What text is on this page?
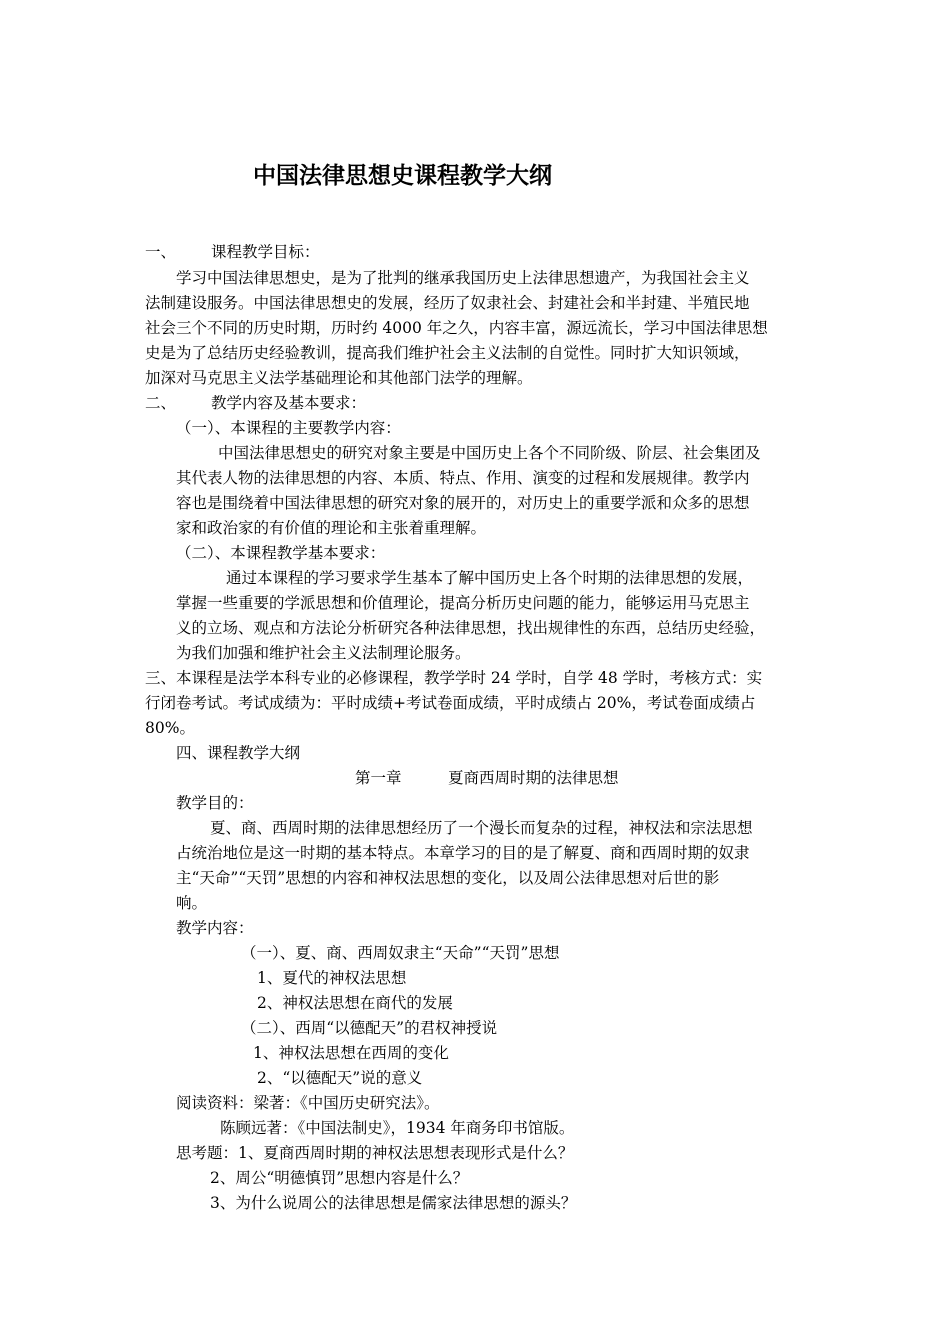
中国法律思想史课程教学大纲
一、 课程教学目标：
学习中国法律思想史，是为了批判的继承我国历史上法律思想遗产，为我国社会主义
法制建设服务。中国法律思想史的发展，经历了奴隶社会、封建社会和半封建、半殖民地
社会三个不同的历史时期，历时约 4000 年之久，内容丰富，源远流长，学习中国法律思想
史是为了总结历史经验教训，提高我们维护社会主义法制的自觉性。同时扩大知识领域，
加深对马克思主义法学基础理论和其他部门法学的理解。
二、 教学内容及基本要求：
（一）、本课程的主要教学内容：
中国法律思想史的研究对象主要是中国历史上各个不同阶级、阶层、社会集团及
其代表人物的法律思想的内容、本质、特点、作用、演变的过程和发展规律。教学内
容也是围绕着中国法律思想的研究对象的展开的，对历史上的重要学派和众多的思想
家和政治家的有价值的理论和主张着重理解。
（二）、本课程教学基本要求：
通过本课程的学习要求学生基本了解中国历史上各个时期的法律思想的发展，
掌握一些重要的学派思想和价值理论，提高分析历史问题的能力，能够运用马克思主
义的立场、观点和方法论分析研究各种法律思想，找出规律性的东西，总结历史经验，
为我们加强和维护社会主义法制理论服务。
三、本课程是法学本科专业的必修课程，教学学时 24 学时，自学 48 学时，考核方式：实
行闭卷考试。考试成绩为：平时成绩+考试卷面成绩，平时成绩占 20%，考试卷面成绩占
80%。
四、课程教学大纲
第一章　　　夏商西周时期的法律思想
教学目的：
夏、商、西周时期的法律思想经历了一个漫长而复杂的过程，神权法和宗法思想
占统治地位是这一时期的基本特点。本章学习的目的是了解夏、商和西周时期的奴隶
主“天命”“天罚”思想的内容和神权法思想的变化，以及周公法律思想对后世的影
响。
教学内容：
（一）、夏、商、西周奴隶主“天命”“天罚”思想
1、夏代的神权法思想
2、神权法思想在商代的发展
（二）、西周“以德配天”的君权神授说
1、神权法思想在西周的变化
2、“以德配天”说的意义
阅读资料：梁著：《中国历史研究法》。
陈顾远著：《中国法制史》，1934 年商务印书馆版。
思考题：1、夏商西周时期的神权法思想表现形式是什么？
2、周公“明德慎罚”思想内容是什么？
3、为什么说周公的法律思想是儒家法律思想的源头？
